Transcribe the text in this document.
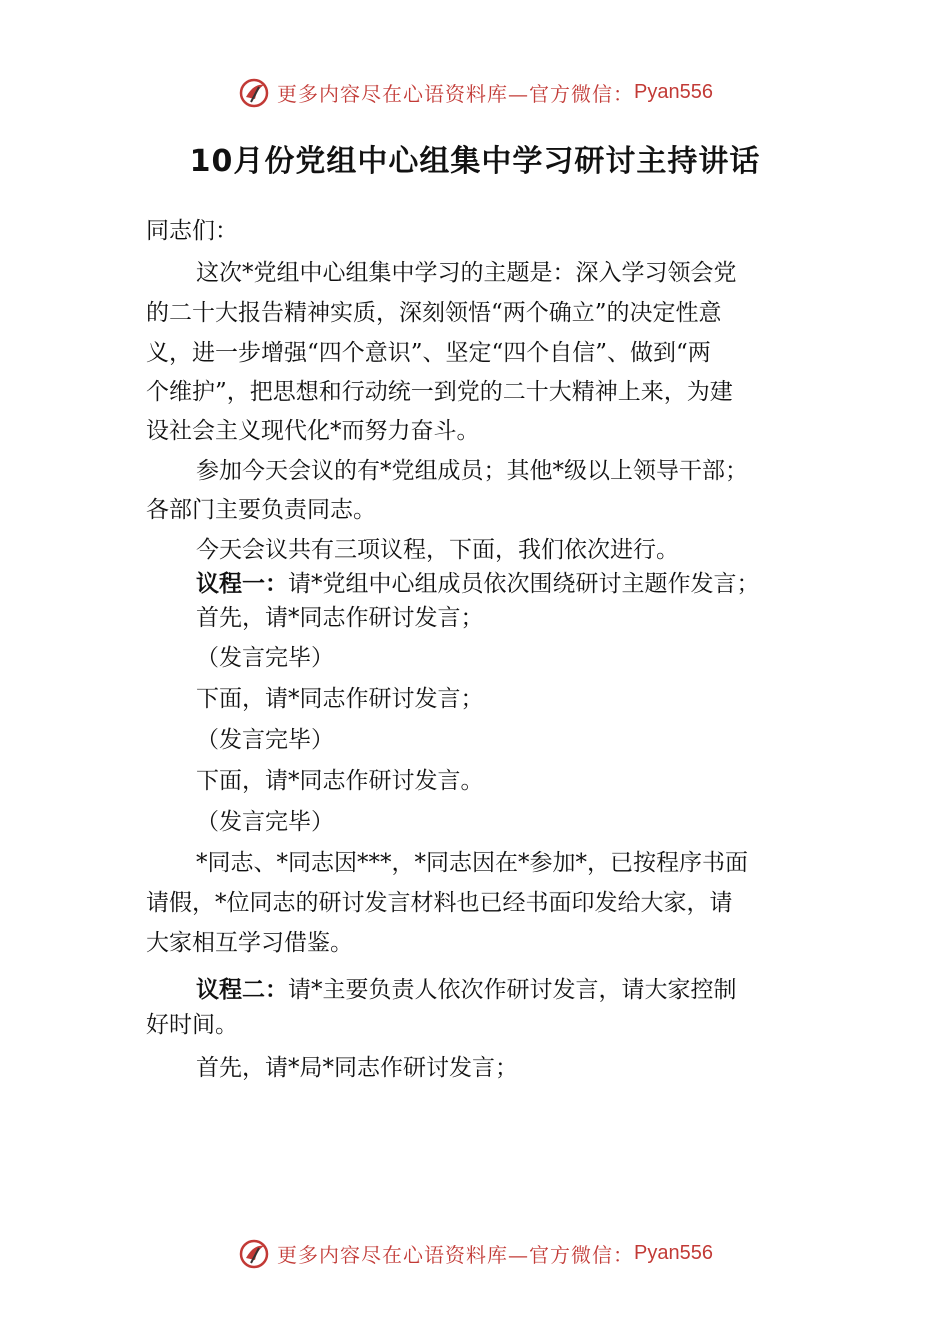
更多内容尽在心语资料库—官方微信： Pyan556
10月份党组中心组集中学习研讨主持讲话
同志们：
这次*党组中心组集中学习的主题是：深入学习领会党
的二十大报告精神实质，深刻领悟“两个确立”的决定性意
义，进一步增强“四个意识”、坚定“四个自信”、做到“两
个维护”，把思想和行动统一到党的二十大精神上来，为建
设社会主义现代化*而努力奋斗。
参加今天会议的有*党组成员；其他*级以上领导干部；
各部门主要负责同志。
今天会议共有三项议程，下面，我们依次进行。
议程一：请*党组中心组成员依次围绕研讨主题作发言；
首先，请*同志作研讨发言；
（发言完毕）
下面，请*同志作研讨发言；
（发言完毕）
下面，请*同志作研讨发言。
（发言完毕）
*同志、*同志因***，*同志因在*参加*，已按程序书面
请假，*位同志的研讨发言材料也已经书面印发给大家，请
大家相互学习借鉴。
议程二：请*主要负责人依次作研讨发言，请大家控制
好时间。
首先，请*局*同志作研讨发言；
更多内容尽在心语资料库—官方微信： Pyan556
